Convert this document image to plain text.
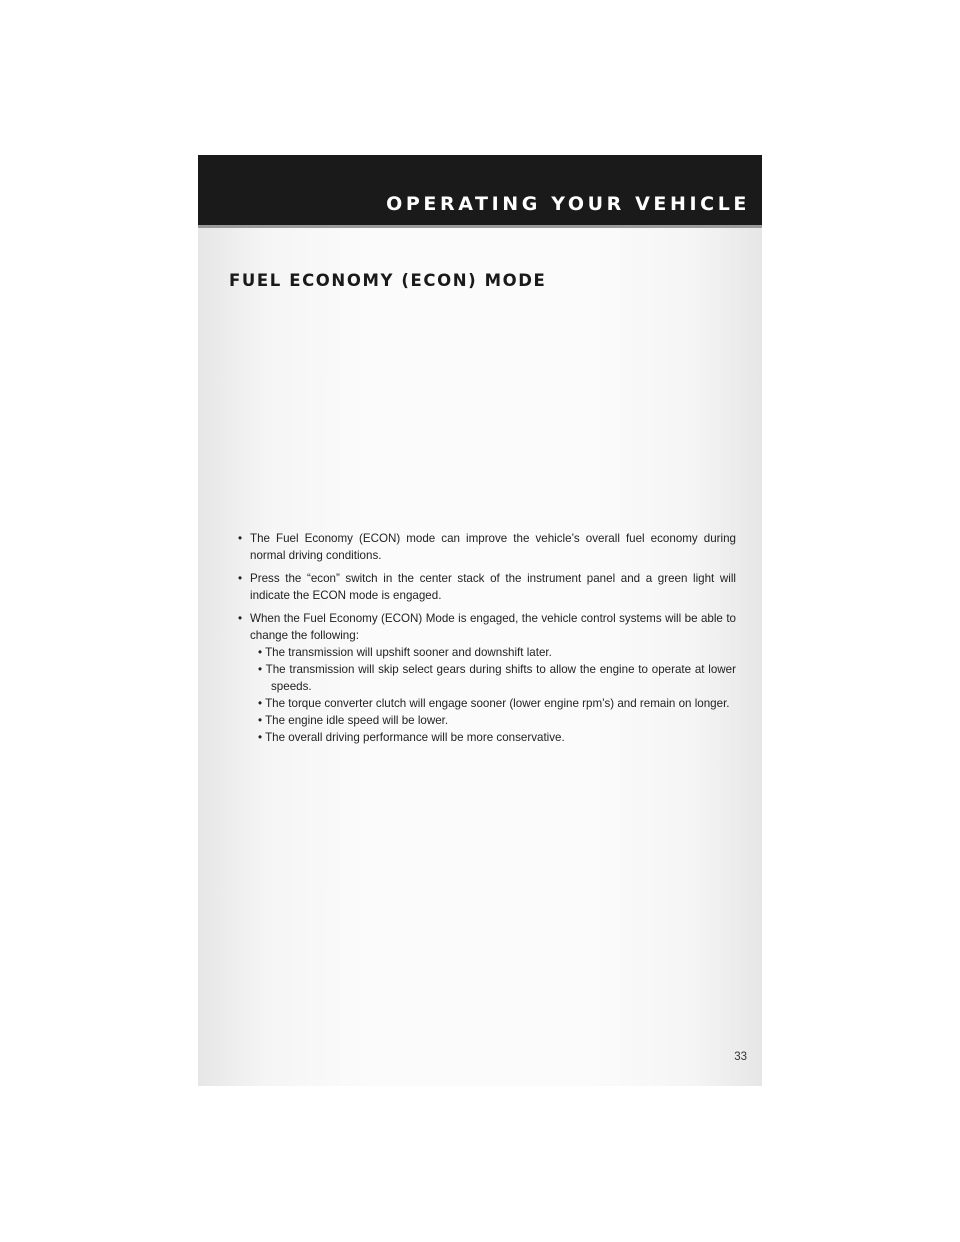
OPERATING YOUR VEHICLE
FUEL ECONOMY (ECON) MODE
• The Fuel Economy (ECON) mode can improve the vehicle’s overall fuel economy during normal driving conditions.
• Press the “econ” switch in the center stack of the instrument panel and a green light will indicate the ECON mode is engaged.
• When the Fuel Economy (ECON) Mode is engaged, the vehicle control systems will be able to change the following:
• The transmission will upshift sooner and downshift later.
• The transmission will skip select gears during shifts to allow the engine to operate at lower speeds.
• The torque converter clutch will engage sooner (lower engine rpm’s) and remain on longer.
• The engine idle speed will be lower.
• The overall driving performance will be more conservative.
33
